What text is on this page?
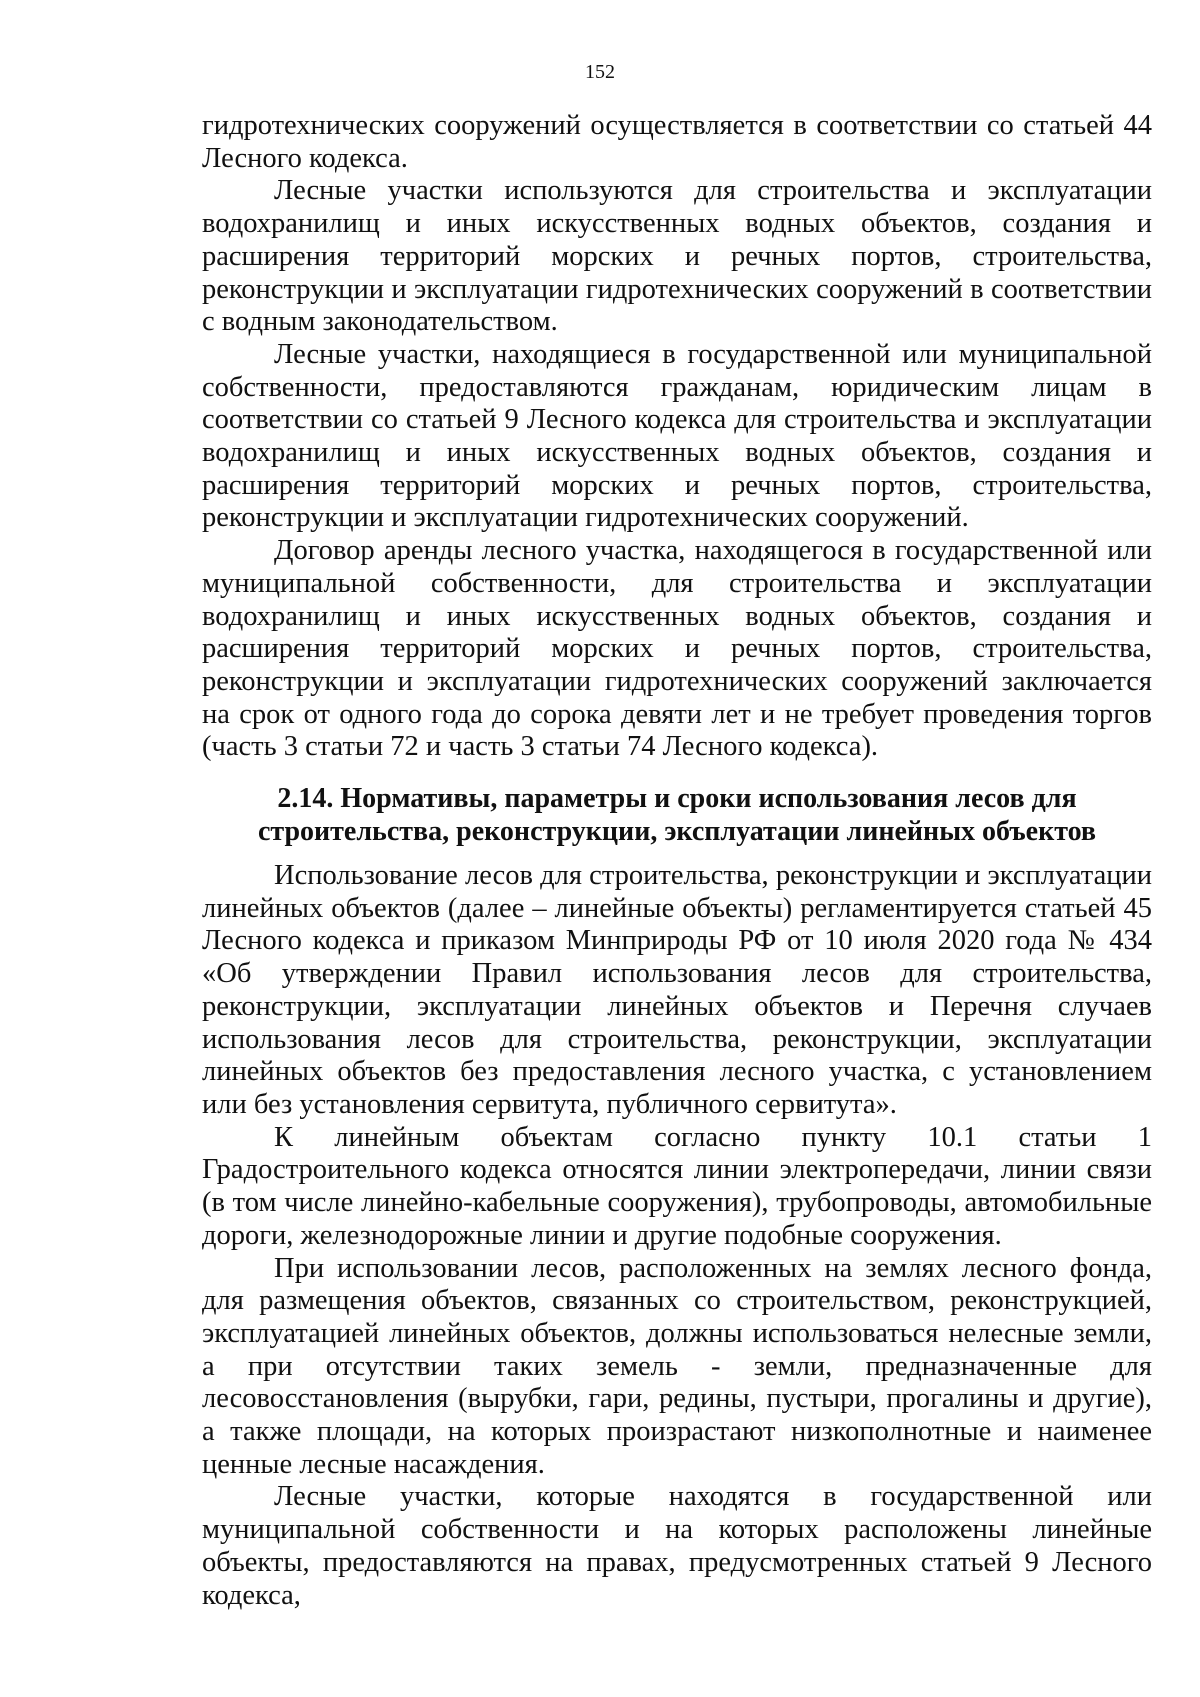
152

гидротехнических сооружений осуществляется в соответствии со статьей 44 Лесного кодекса.

Лесные участки используются для строительства и эксплуатации водохранилищ и иных искусственных водных объектов, создания и расширения территорий морских и речных портов, строительства, реконструкции и эксплуатации гидротехнических сооружений в соответствии с водным законодательством.

Лесные участки, находящиеся в государственной или муниципальной собственности, предоставляются гражданам, юридическим лицам в соответствии со статьей 9 Лесного кодекса для строительства и эксплуатации водохранилищ и иных искусственных водных объектов, создания и расширения территорий морских и речных портов, строительства, реконструкции и эксплуатации гидротехнических сооружений.

Договор аренды лесного участка, находящегося в государственной или муниципальной собственности, для строительства и эксплуатации водохранилищ и иных искусственных водных объектов, создания и расширения территорий морских и речных портов, строительства, реконструкции и эксплуатации гидротехнических сооружений заключается на срок от одного года до сорока девяти лет и не требует проведения торгов (часть 3 статьи 72 и часть 3 статьи 74 Лесного кодекса).

2.14. Нормативы, параметры и сроки использования лесов для
строительства, реконструкции, эксплуатации линейных объектов

Использование лесов для строительства, реконструкции и эксплуатации линейных объектов (далее – линейные объекты) регламентируется статьей 45 Лесного кодекса и приказом Минприроды РФ от 10 июля 2020 года № 434 «Об утверждении Правил использования лесов для строительства, реконструкции, эксплуатации линейных объектов и Перечня случаев использования лесов для строительства, реконструкции, эксплуатации линейных объектов без предоставления лесного участка, с установлением или без установления сервитута, публичного сервитута».

К линейным объектам согласно пункту 10.1 статьи 1 Градостроительного кодекса относятся линии электропередачи, линии связи (в том числе линейно-кабельные сооружения), трубопроводы, автомобильные дороги, железнодорожные линии и другие подобные сооружения.

При использовании лесов, расположенных на землях лесного фонда, для размещения объектов, связанных со строительством, реконструкцией, эксплуатацией линейных объектов, должны использоваться нелесные земли, а при отсутствии таких земель - земли, предназначенные для лесовосстановления (вырубки, гари, редины, пустыри, прогалины и другие), а также площади, на которых произрастают низкополнотные и наименее ценные лесные насаждения.

Лесные участки, которые находятся в государственной или муниципальной собственности и на которых расположены линейные объекты, предоставляются на правах, предусмотренных статьей 9 Лесного кодекса,
